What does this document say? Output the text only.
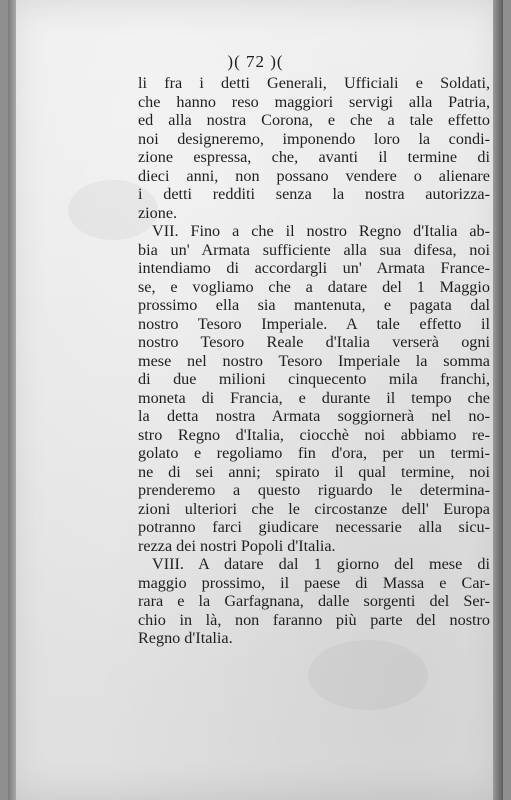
)( 72 )(
li fra i detti Generali, Ufficiali e Soldati,
che hanno reso maggiori servigi alla Patria,
ed alla nostra Corona, e che a tale effetto
noi designeremo, imponendo loro la condi-
zione espressa, che, avanti il termine di
dieci anni, non possano vendere o alienare
i detti redditi senza la nostra autorizza-
zione.
VII. Fino a che il nostro Regno d'Italia ab-
bia un' Armata sufficiente alla sua difesa, noi
intendiamo di accordargli un' Armata France-
se, e vogliamo che a datare del 1 Maggio
prossimo ella sia mantenuta, e pagata dal
nostro Tesoro Imperiale. A tale effetto il
nostro Tesoro Reale d'Italia verserà ogni
mese nel nostro Tesoro Imperiale la somma
di due milioni cinquecento mila franchi,
moneta di Francia, e durante il tempo che
la detta nostra Armata soggiornerà nel no-
stro Regno d'Italia, ciocchè noi abbiamo re-
golato e regoliamo fin d'ora, per un termi-
ne di sei anni; spirato il qual termine, noi
prenderemo a questo riguardo le determina-
zioni ulteriori che le circostanze dell' Europa
potranno farci giudicare necessarie alla sicu-
rezza dei nostri Popoli d'Italia.
VIII. A datare dal 1 giorno del mese di
maggio prossimo, il paese di Massa e Car-
rara e la Garfagnana, dalle sorgenti del Ser-
chio in là, non faranno più parte del nostro
Regno d'Italia.
